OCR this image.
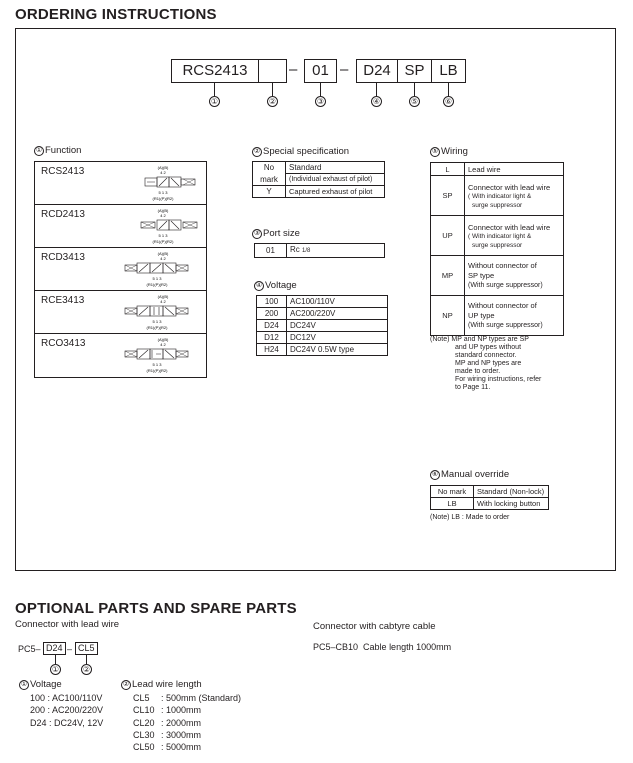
ORDERING INSTRUCTIONS
RCS2413	– 01 – D24 SP LB
①	②	③	④	⑤	⑥
① Function
RCS2413	(A)(B)
4 2
5 1 3
(R1)(P)(R2)
RCD2413	(A)(B)
4 2
5 1 3
(R1)(P)(R2)
RCD3413	(A)(B)
4 2
5 1 3
(R1)(P)(R2)
RCE3413	(A)(B)
4 2
5 1 3
(R1)(P)(R2)
RCO3413	(A)(B)
4 2
5 1 3
(R1)(P)(R2)
② Special specification
No	Standard
mark	(Individual exhaust of pilot)
Y	Captured exhaust of pilot
③ Port size
01	Rc 1/8
④ Voltage
100	AC100/110V
200	AC200/220V
D24	DC24V
D12	DC12V
H24	DC24V 0.5W type
⑤ Wiring
L	Lead wire
SP	Connector with lead wire
( With indicator light &
surge suppressor

UP	Connector with lead wire
( With indicator light &
surge suppressor

MP	Without connector of
SP type
(With surge suppressor)

NP	Without connector of
UP type
(With surge suppressor)
(Note) MP and NP types are SP
and UP types without
standard connector.
MP and NP types are
made to order.
For wiring instructions, refer
to Page 11.
⑥ Manual override
No mark	Standard (Non-lock)
LB	With locking button
(Note) LB : Made to order
OPTIONAL PARTS AND SPARE PARTS
Connector with lead wire	Connector with cabtyre cable
PC5–CB10 Cable length 1000mm
PC5– D24 – CL5
①	②
① Voltage
100 : AC100/110V
200 : AC200/220V
D24 : DC24V, 12V
② Lead wire length
CL5 : 500mm (Standard)
CL10 : 1000mm
CL20 : 2000mm
CL30 : 3000mm
CL50 : 5000mm
